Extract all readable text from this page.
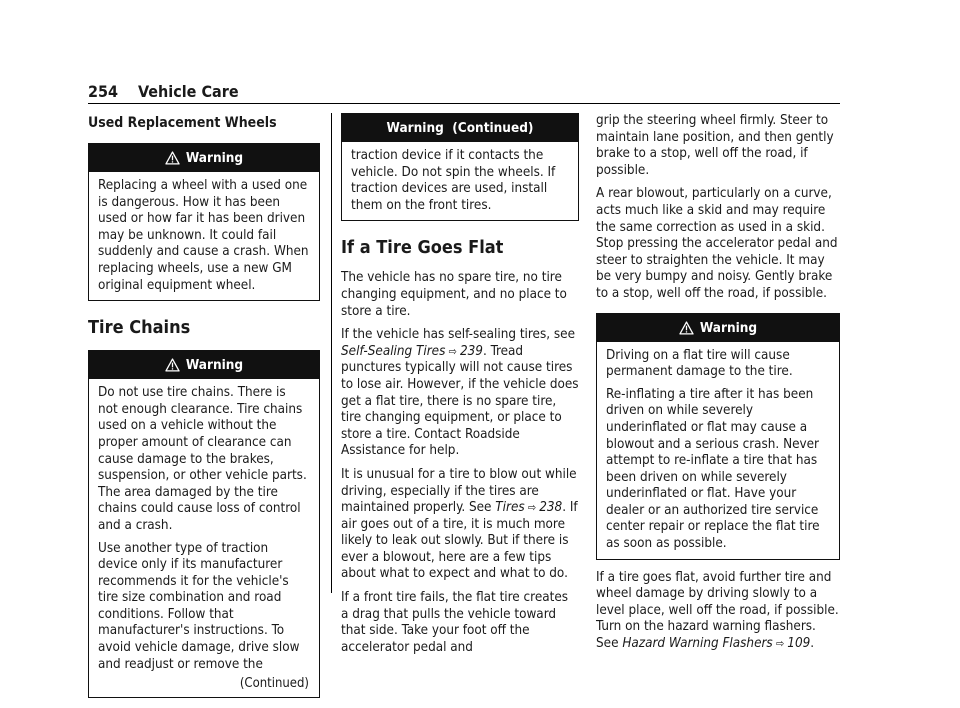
254 Vehicle Care
Used Replacement Wheels
Warning

Replacing a wheel with a used one is dangerous. How it has been used or how far it has been driven may be unknown. It could fail suddenly and cause a crash. When replacing wheels, use a new GM original equipment wheel.

Tire Chains
Warning

Do not use tire chains. There is not enough clearance. Tire chains used on a vehicle without the proper amount of clearance can cause damage to the brakes, suspension, or other vehicle parts. The area damaged by the tire chains could cause loss of control and a crash.

Use another type of traction device only if its manufacturer recommends it for the vehicle's tire size combination and road conditions. Follow that manufacturer's instructions. To avoid vehicle damage, drive slow and readjust or remove the

(Continued)
Warning  (Continued)

traction device if it contacts the vehicle. Do not spin the wheels. If traction devices are used, install them on the front tires.

If a Tire Goes Flat

The vehicle has no spare tire, no tire changing equipment, and no place to store a tire.

If the vehicle has self-sealing tires, see Self-Sealing Tires ⇨ 239. Tread punctures typically will not cause tires to lose air. However, if the vehicle does get a flat tire, there is no spare tire, tire changing equipment, or place to store a tire. Contact Roadside Assistance for help.

It is unusual for a tire to blow out while driving, especially if the tires are maintained properly. See Tires ⇨ 238. If air goes out of a tire, it is much more likely to leak out slowly. But if there is ever a blowout, here are a few tips about what to expect and what to do.

If a front tire fails, the flat tire creates a drag that pulls the vehicle toward that side. Take your foot off the accelerator pedal and

grip the steering wheel firmly. Steer to maintain lane position, and then gently brake to a stop, well off the road, if possible.

A rear blowout, particularly on a curve, acts much like a skid and may require the same correction as used in a skid. Stop pressing the accelerator pedal and steer to straighten the vehicle. It may be very bumpy and noisy. Gently brake to a stop, well off the road, if possible.

Warning

Driving on a flat tire will cause permanent damage to the tire.

Re-inflating a tire after it has been driven on while severely underinflated or flat may cause a blowout and a serious crash. Never attempt to re-inflate a tire that has been driven on while severely underinflated or flat. Have your dealer or an authorized tire service center repair or replace the flat tire as soon as possible.

If a tire goes flat, avoid further tire and wheel damage by driving slowly to a level place, well off the road, if possible. Turn on the hazard warning flashers. See Hazard Warning Flashers ⇨ 109.
